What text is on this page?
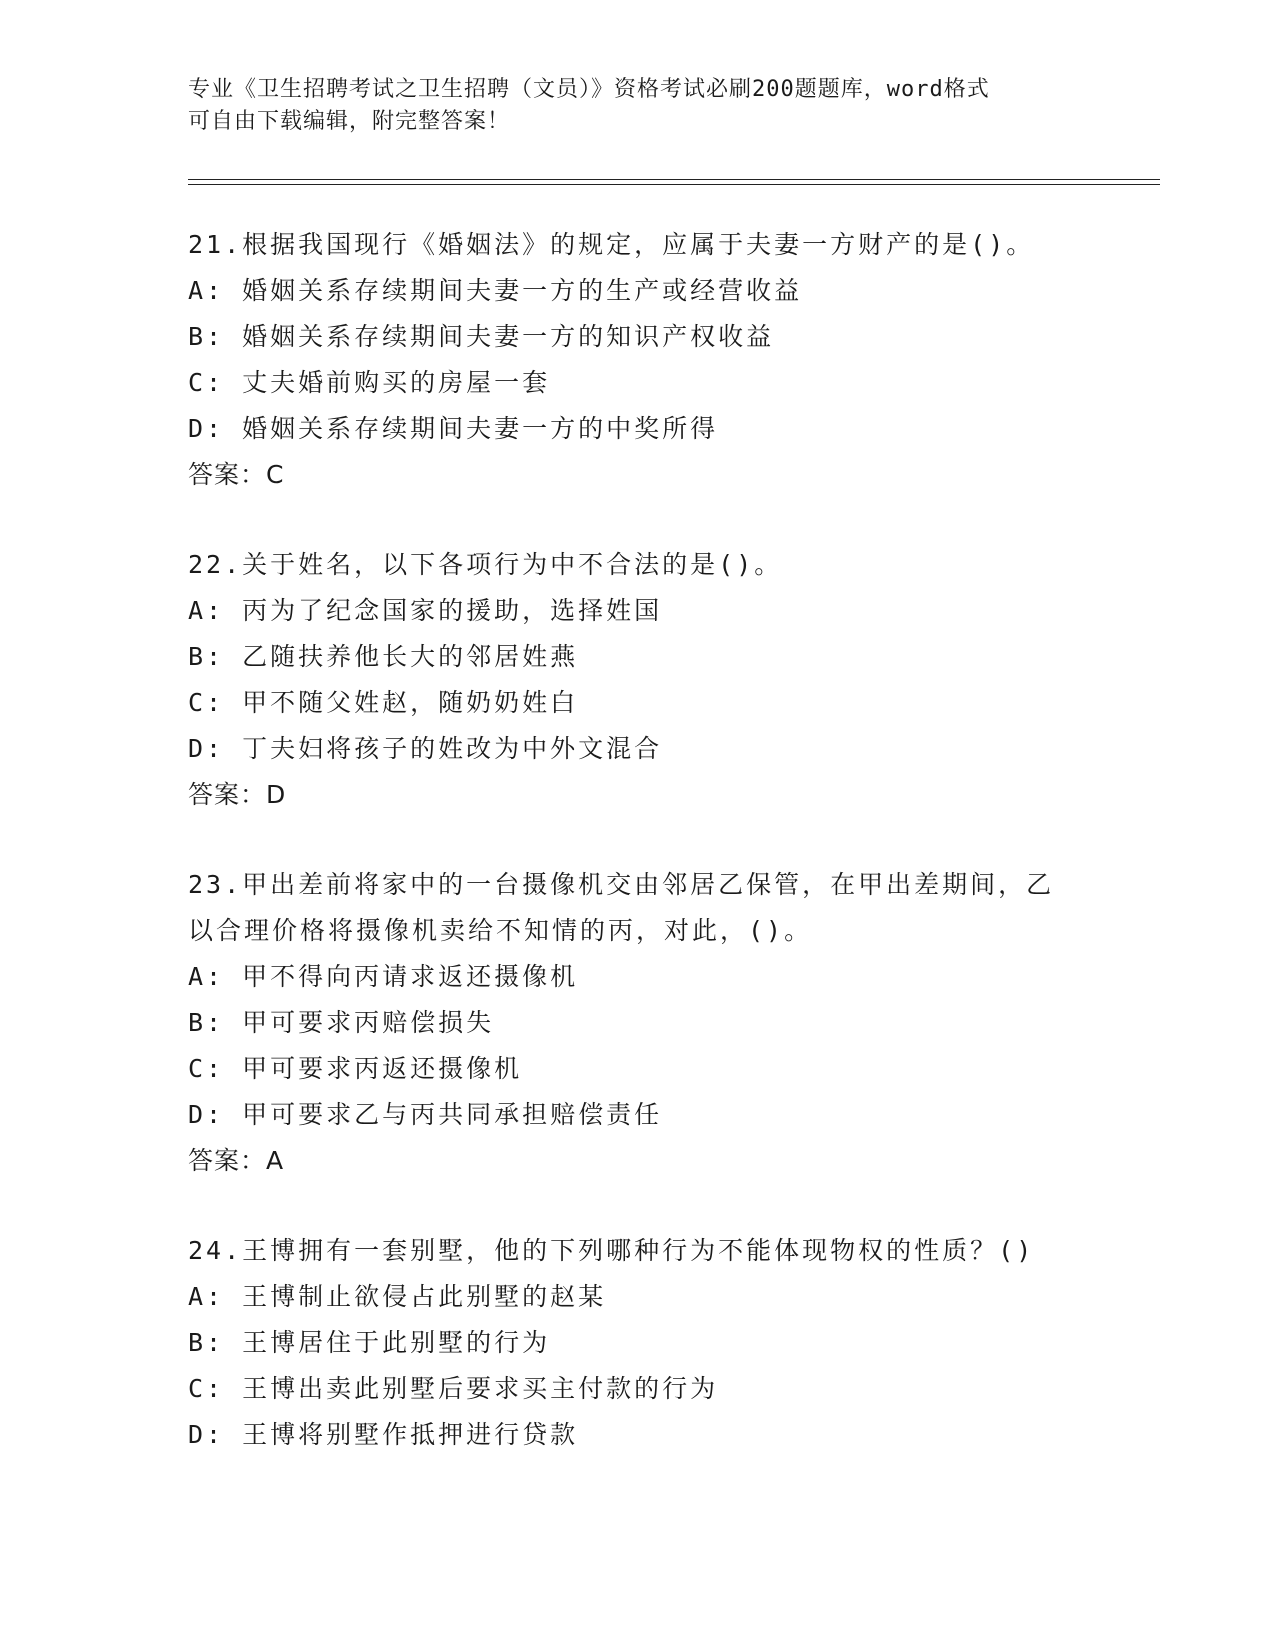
专业《卫生招聘考试之卫生招聘（文员）》资格考试必刷200题题库，word格式
可自由下载编辑，附完整答案！
21.根据我国现行《婚姻法》的规定，应属于夫妻一方财产的是()。
A: 婚姻关系存续期间夫妻一方的生产或经营收益
B: 婚姻关系存续期间夫妻一方的知识产权收益
C: 丈夫婚前购买的房屋一套
D: 婚姻关系存续期间夫妻一方的中奖所得
答案：C
22.关于姓名，以下各项行为中不合法的是()。
A: 丙为了纪念国家的援助，选择姓国
B: 乙随扶养他长大的邻居姓燕
C: 甲不随父姓赵，随奶奶姓白
D: 丁夫妇将孩子的姓改为中外文混合
答案：D
23.甲出差前将家中的一台摄像机交由邻居乙保管，在甲出差期间，乙
以合理价格将摄像机卖给不知情的丙，对此，()。
A: 甲不得向丙请求返还摄像机
B: 甲可要求丙赔偿损失
C: 甲可要求丙返还摄像机
D: 甲可要求乙与丙共同承担赔偿责任
答案：A
24.王博拥有一套别墅，他的下列哪种行为不能体现物权的性质？()
A: 王博制止欲侵占此别墅的赵某
B: 王博居住于此别墅的行为
C: 王博出卖此别墅后要求买主付款的行为
D: 王博将别墅作抵押进行贷款
